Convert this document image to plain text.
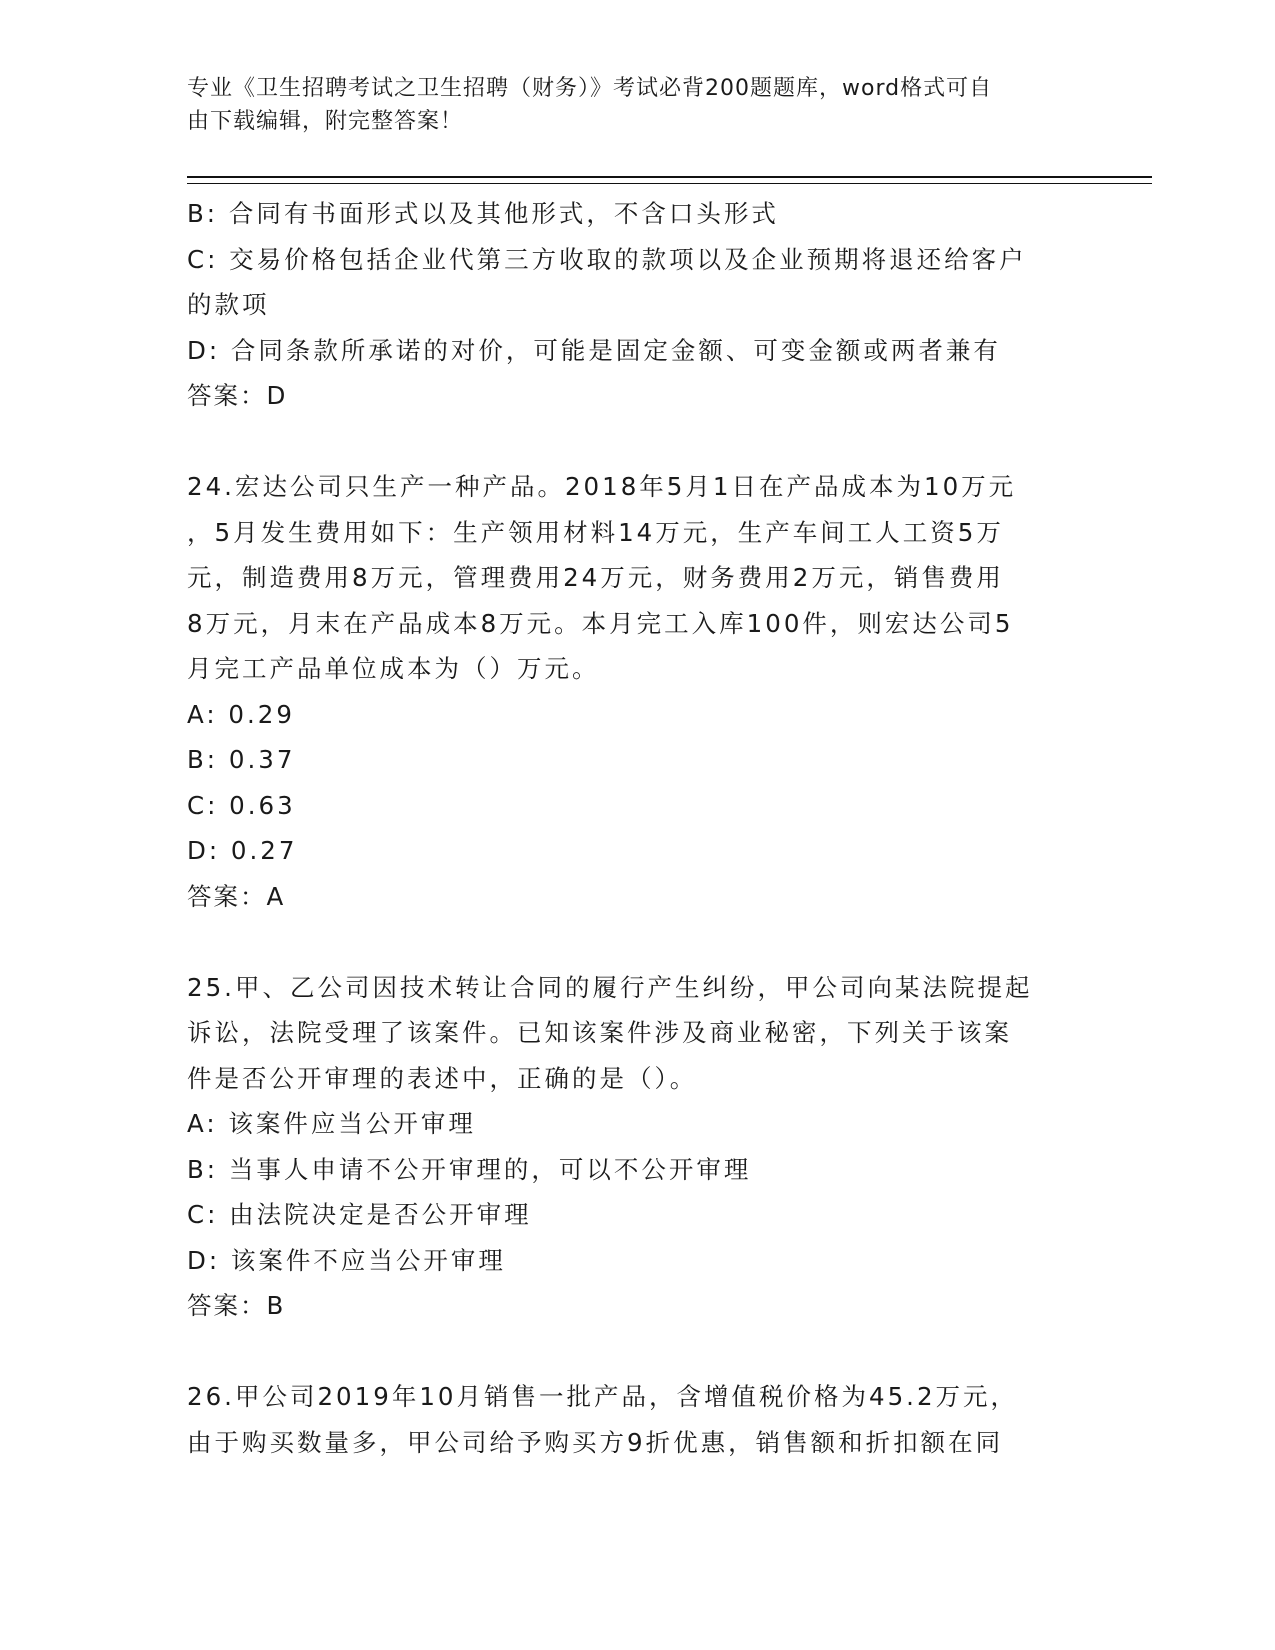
专业《卫生招聘考试之卫生招聘（财务）》考试必背200题题库，word格式可自
由下载编辑，附完整答案！
B: 合同有书面形式以及其他形式，不含口头形式
C: 交易价格包括企业代第三方收取的款项以及企业预期将退还给客户
的款项
D: 合同条款所承诺的对价，可能是固定金额、可变金额或两者兼有
答案：D
24.宏达公司只生产一种产品。2018年5月1日在产品成本为10万元
，5月发生费用如下：生产领用材料14万元，生产车间工人工资5万
元，制造费用8万元，管理费用24万元，财务费用2万元，销售费用
8万元，月末在产品成本8万元。本月完工入库100件，则宏达公司5
月完工产品单位成本为（）万元。
A: 0.29
B: 0.37
C: 0.63
D: 0.27
答案：A
25.甲、乙公司因技术转让合同的履行产生纠纷，甲公司向某法院提起
诉讼，法院受理了该案件。已知该案件涉及商业秘密，下列关于该案
件是否公开审理的表述中，正确的是（）。
A: 该案件应当公开审理
B: 当事人申请不公开审理的，可以不公开审理
C: 由法院决定是否公开审理
D: 该案件不应当公开审理
答案：B
26.甲公司2019年10月销售一批产品，含增值税价格为45.2万元，
由于购买数量多，甲公司给予购买方9折优惠，销售额和折扣额在同
